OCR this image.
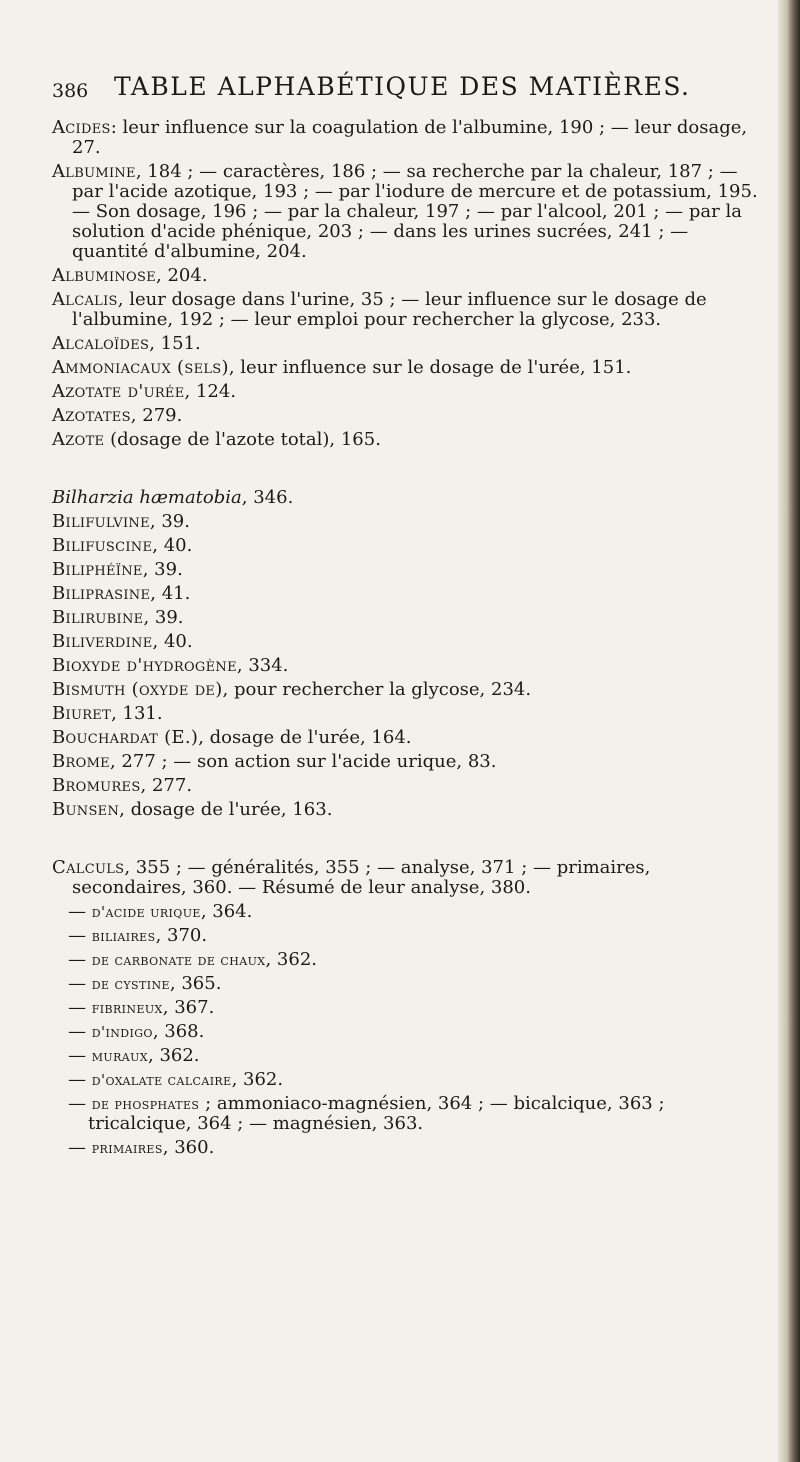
386 TABLE ALPHABÉTIQUE DES MATIÈRES.
Acides: leur influence sur la coagulation de l'albumine, 190 ; — leur dosage, 27.
Albumine, 184 ; — caractères, 186 ; — sa recherche par la chaleur, 187 ; — par l'acide azotique, 193 ; — par l'iodure de mercure et de potassium, 195. — Son dosage, 196 ; — par la chaleur, 197 ; — par l'alcool, 201 ; — par la solution d'acide phénique, 203 ; — dans les urines sucrées, 241 ; — quantité d'albumine, 204.
Albuminose, 204.
Alcalis, leur dosage dans l'urine, 35 ; — leur influence sur le dosage de l'albumine, 192 ; — leur emploi pour rechercher la glycose, 233.
Alcaloïdes, 151.
Ammoniacaux (sels), leur influence sur le dosage de l'urée, 151.
Azotate d'urée, 124.
Azotates, 279.
Azote (dosage de l'azote total), 165.
Bilharzia hæmatobia, 346.
Bilifulvine, 39.
Bilifuscine, 40.
Biliphéïne, 39.
Biliprasine, 41.
Bilirubine, 39.
Biliverdine, 40.
Bioxyde d'hydrogène, 334.
Bismuth (oxyde de), pour rechercher la glycose, 234.
Biuret, 131.
Bouchardat (E.), dosage de l'urée, 164.
Brome, 277 ; — son action sur l'acide urique, 83.
Bromures, 277.
Bunsen, dosage de l'urée, 163.
Calculs, 355 ; — généralités, 355 ; — analyse, 371 ; — primaires, secondaires, 360. — Résumé de leur analyse, 380.
— d'acide urique, 364.
— biliaires, 370.
— de carbonate de chaux, 362.
— de cystine, 365.
— fibrineux, 367.
— d'indigo, 368.
— muraux, 362.
— d'oxalate calcaire, 362.
— de phosphates ; ammoniaco-magnésien, 364 ; — bicalcique, 363 ; tricalcique, 364 ; — magnésien, 363.
— primaires, 360.
